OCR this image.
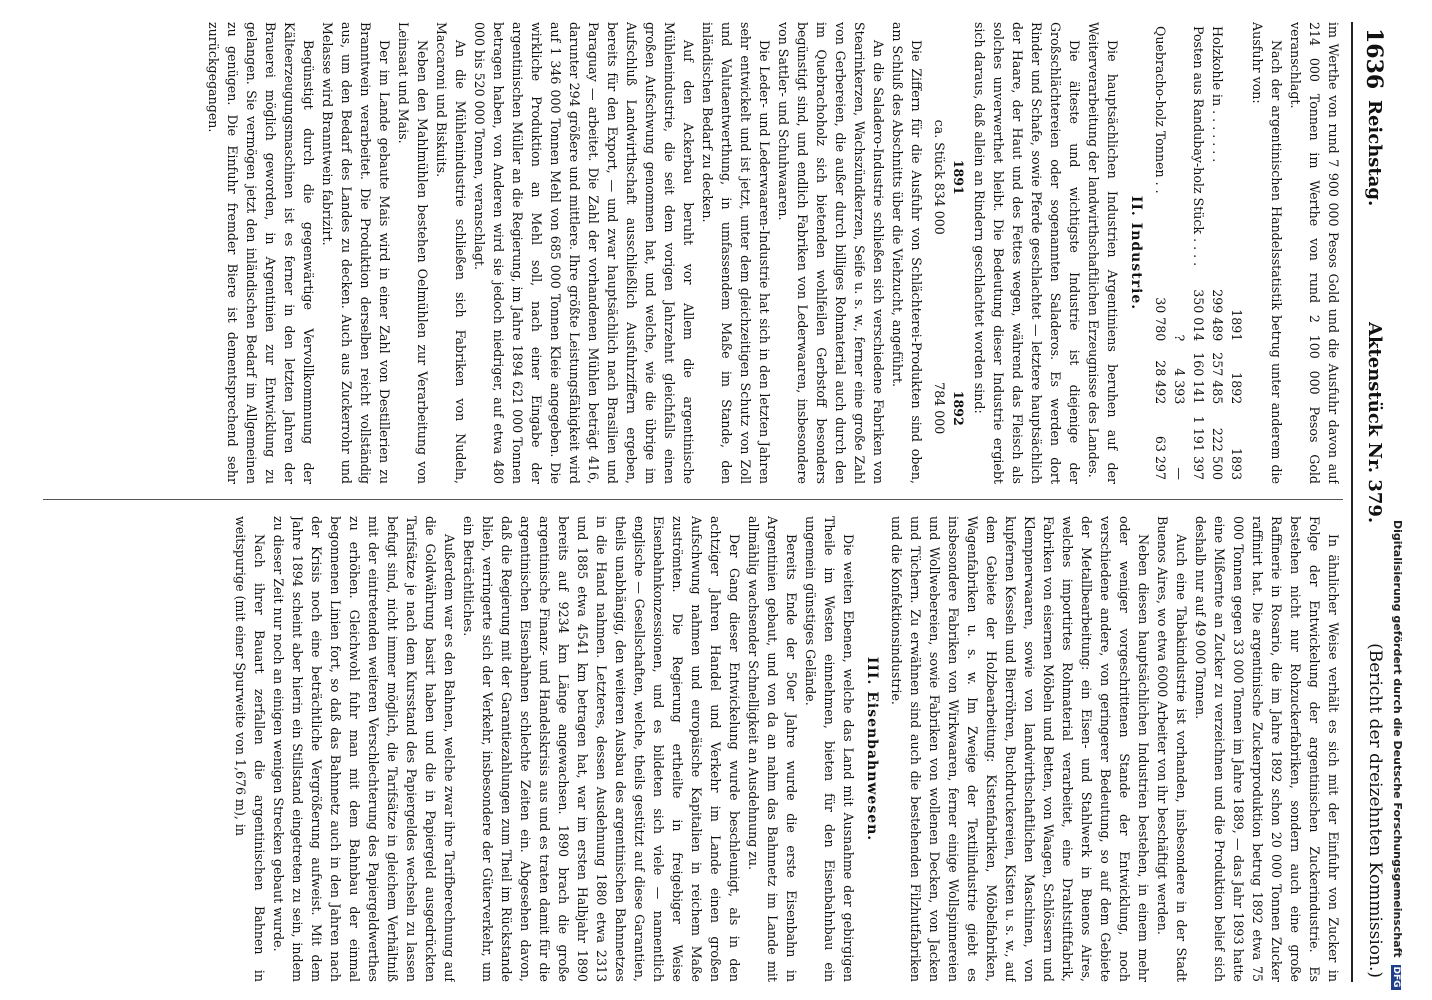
1636
Reichstag.
Aktenstück Nr. 379.
(Bericht der dreizehnten Kommission.)

im Werthe von rund 7 900 000 Pesos Gold und die Ausfuhr davon auf 214 000 Tonnen im Werthe von rund 2 100 000 Pesos Gold veranschlagt.

Nach der argentinischen Handelsstatistik betrug unter anderem die Ausfuhr von:

	1891	1892	1893
Holzkohle in . . . . . . .	299 489	257 485	222 500
Posten aus Randubay-holz Stück . . . .	350 014	160 141	1 191 397
	?	4 393	—
Quebracho-holz Tonnen . .	30 780	28 492	63 297
II. Industrie.

Die hauptsächlichen Industrien Argentiniens beruhen auf der Weiterverarbeitung der landwirthschaftlichen Erzeugnisse des Landes.

Die älteste und wichtigste Industrie ist diejenige der Großschlächtereien oder sogenannten Saladeros. Es werden dort Rinder und Schafe, sowie Pferde geschlachtet — letztere hauptsächlich der Haare, der Haut und des Fettes wegen, während das Fleisch als solches unverwerthet bleibt. Die Bedeutung dieser Industrie ergiebt sich daraus, daß allein an Rindern geschlachtet worden sind:

1891	1892
ca. Stück 834 000	784 000

Die Ziffern für die Ausfuhr von Schlächterei-Produkten sind oben, am Schluß des Abschnitts über die Viehzucht, angeführt.

An die Saladero-Industrie schließen sich verschiedene Fabriken von Stearinkerzen, Wachszündkerzen, Seife u. s. w., ferner eine große Zahl von Gerbereien, die außer durch billiges Rohmaterial auch durch den im Quebrachoholz sich bietenden wohlfeilen Gerbstoff besonders begünstigt sind, und endlich Fabriken von Lederwaaren, insbesondere von Sattler- und Schuhwaaren.

Die Leder- und Lederwaaren-Industrie hat sich in den letzten Jahren sehr entwickelt und ist jetzt, unter dem gleichzeitigen Schutz von Zoll und Valutaentwerthung, in umfassendem Maße im Stande, den inländischen Bedarf zu decken.

Auf den Ackerbau beruht vor Allem die argentinische Mühlenindustrie, die seit dem vorigen Jahrzehnt gleichfalls einen großen Aufschwung genommen hat, und welche, wie die übrige im Aufschluß Landwirthschaft ausschließlich Ausfuhrziffern ergeben, bereits für den Export, — und zwar hauptsächlich nach Brasilien und Paraguay — arbeitet. Die Zahl der vorhandenen Mühlen beträgt 416, darunter 294 größere und mittlere. Ihre größte Leistungsfähigkeit wird auf 1 346 000 Tonnen Mehl von 685 000 Tonnen Kleie angegeben. Die wirkliche Produktion an Mehl soll, nach einer Eingabe der argentinischen Müller an die Regierung, im Jahre 1894 621 000 Tonnen betragen haben, von Anderen wird sie jedoch niedriger, auf etwa 480 000 bis 520 000 Tonnen, veranschlagt.

An die Mühlenindustrie schließen sich Fabriken von Nudeln, Maccaroni und Biskuits.

Neben den Mahlmühlen bestehen Oelmühlen zur Verarbeitung von Leinsaat und Mais.

Der im Lande gebaute Mais wird in einer Zahl von Destillerien zu Branntwein verarbeitet. Die Produktion derselben reicht vollständig aus, um den Bedarf des Landes zu decken. Auch aus Zuckerrohr und Melasse wird Branntwein fabrizirt.

Begünstigt durch die gegenwärtige Vervollkommnung der Kälteerzeugungsmaschinen ist es ferner in den letzten Jahren der Brauerei möglich geworden, in Argentinien zur Entwicklung zu gelangen. Sie vermögen jetzt den inländischen Bedarf im Allgemeinen zu genügen. Die Einfuhr fremder Biere ist dementsprechend sehr zurückgegangen.

In ähnlicher Weise verhält es sich mit der Einfuhr von Zucker in Folge der Entwickelung der argentinischen Zuckerindustrie. Es bestehen nicht nur Rohzuckerfabriken, sondern auch eine große Raffinerie in Rosario, die im Jahre 1892 schon 20 000 Tonnen Zucker raffinirt hat. Die argentinische Zuckerproduktion betrug 1892 etwa 75 000 Tonnen gegen 33 000 Tonnen im Jahre 1889, — das Jahr 1893 hatte eine Mißernte an Zucker zu verzeichnen und die Produktion belief sich deshalb nur auf 49 000 Tonnen.

Auch eine Tabakindustrie ist vorhanden, insbesondere in der Stadt Buenos Aires, wo etwa 6000 Arbeiter von ihr beschäftigt werden.

Neben diesen hauptsächlichen Industrien bestehen, in einem mehr oder weniger vorgeschrittenen Stande der Entwicklung, noch verschiedene andere, von geringerer Bedeutung, so auf dem Gebiete der Metallbearbeitung: ein Eisen- und Stahlwerk in Buenos Aires, welches importirtes Rohmaterial verarbeitet, eine Drahtstiftfabrik, Fabriken von eisernen Möbeln und Betten, von Waagen, Schlössern und Klempnerwaaren, sowie von landwirthschaftlichen Maschinen, von kupfernen Kesseln und Bierröhren, Buchdruckereien, Kisten u. s. w., auf dem Gebiete der Holzbearbeitung: Kistenfabriken, Möbelfabriken, Wagenfabriken u. s. w. Im Zweige der Textilindustrie giebt es insbesondere Fabriken von Wirkwaaren, ferner einige Wollspinnereien und Wollwebereien, sowie Fabriken von wollenen Decken, von Jacken und Tüchern. Zu erwähnen sind auch die bestehenden Filzhutfabriken und die Konfektionsindustrie.

III. Eisenbahnwesen.

Die weiten Ebenen, welche das Land mit Ausnahme der gebirgigen Theile im Westen einnehmen, bieten für den Eisenbahnbau ein ungemein günstiges Gelände.

Bereits Ende der 50er Jahre wurde die erste Eisenbahn in Argentinien gebaut, und von da an nahm das Bahnnetz im Lande mit allmählig wachsender Schnelligkeit an Ausdehnung zu.

Der Gang dieser Entwickelung wurde beschleunigt, als in den achtziger Jahren Handel und Verkehr im Lande einen großen Aufschwung nahmen und europäische Kapitalien in reichem Maße zuströmten. Die Regierung ertheilte in freigebiger Weise Eisenbahnkonzessionen, und es bildeten sich viele — namentlich englische — Gesellschaften, welche, theils gestützt auf diese Garantien, theils unabhängig, den weiteren Ausbau des argentinischen Bahnnetzes in die Hand nahmen. Letzteres, dessen Ausdehnung 1880 etwa 2313 und 1885 etwa 4541 km betragen hat, war im ersten Halbjahr 1890 bereits auf 9234 km Länge angewachsen. 1890 brach die große argentinische Finanz- und Handelskrisis aus und es traten damit für die argentinischen Eisenbahnen schlechte Zeiten ein. Abgesehen davon, daß die Regierung mit der Garantiezahlungen zum Theil im Rückstande blieb, verringerte sich der Verkehr, insbesondere der Güterverkehr, um ein Beträchtliches.

Außerdem war es den Bahnen, welche zwar ihre Tarifberechnung auf die Goldwährung basirt haben und die in Papiergeld ausgedrückten Tarifsätze je nach dem Kursstand des Papiergeldes wechseln zu lassen befugt sind, nicht immer möglich, die Tarifsätze in gleichem Verhältniß mit der eintretenden weiteren Verschlechterung des Papiergeldwerthes zu erhöhen. Gleichwohl fuhr man mit dem Bahnbau der einmal begonnenen Linien fort, so daß das Bahnnetz auch in den Jahren nach der Krisis noch eine beträchtliche Vergrößerung aufweist. Mit dem Jahre 1894 scheint aber hierin ein Stillstand eingetreten zu sein, indem zu dieser Zeit nur noch an einigen wenigen Strecken gebaut wurde.

Nach ihrer Bauart zerfallen die argentinischen Bahnen in weitspurige (mit einer Spurweite von 1,676 m), in	Digitalisierung gefördert durch die Deutsche Forschungsgemeinschaft DFG
